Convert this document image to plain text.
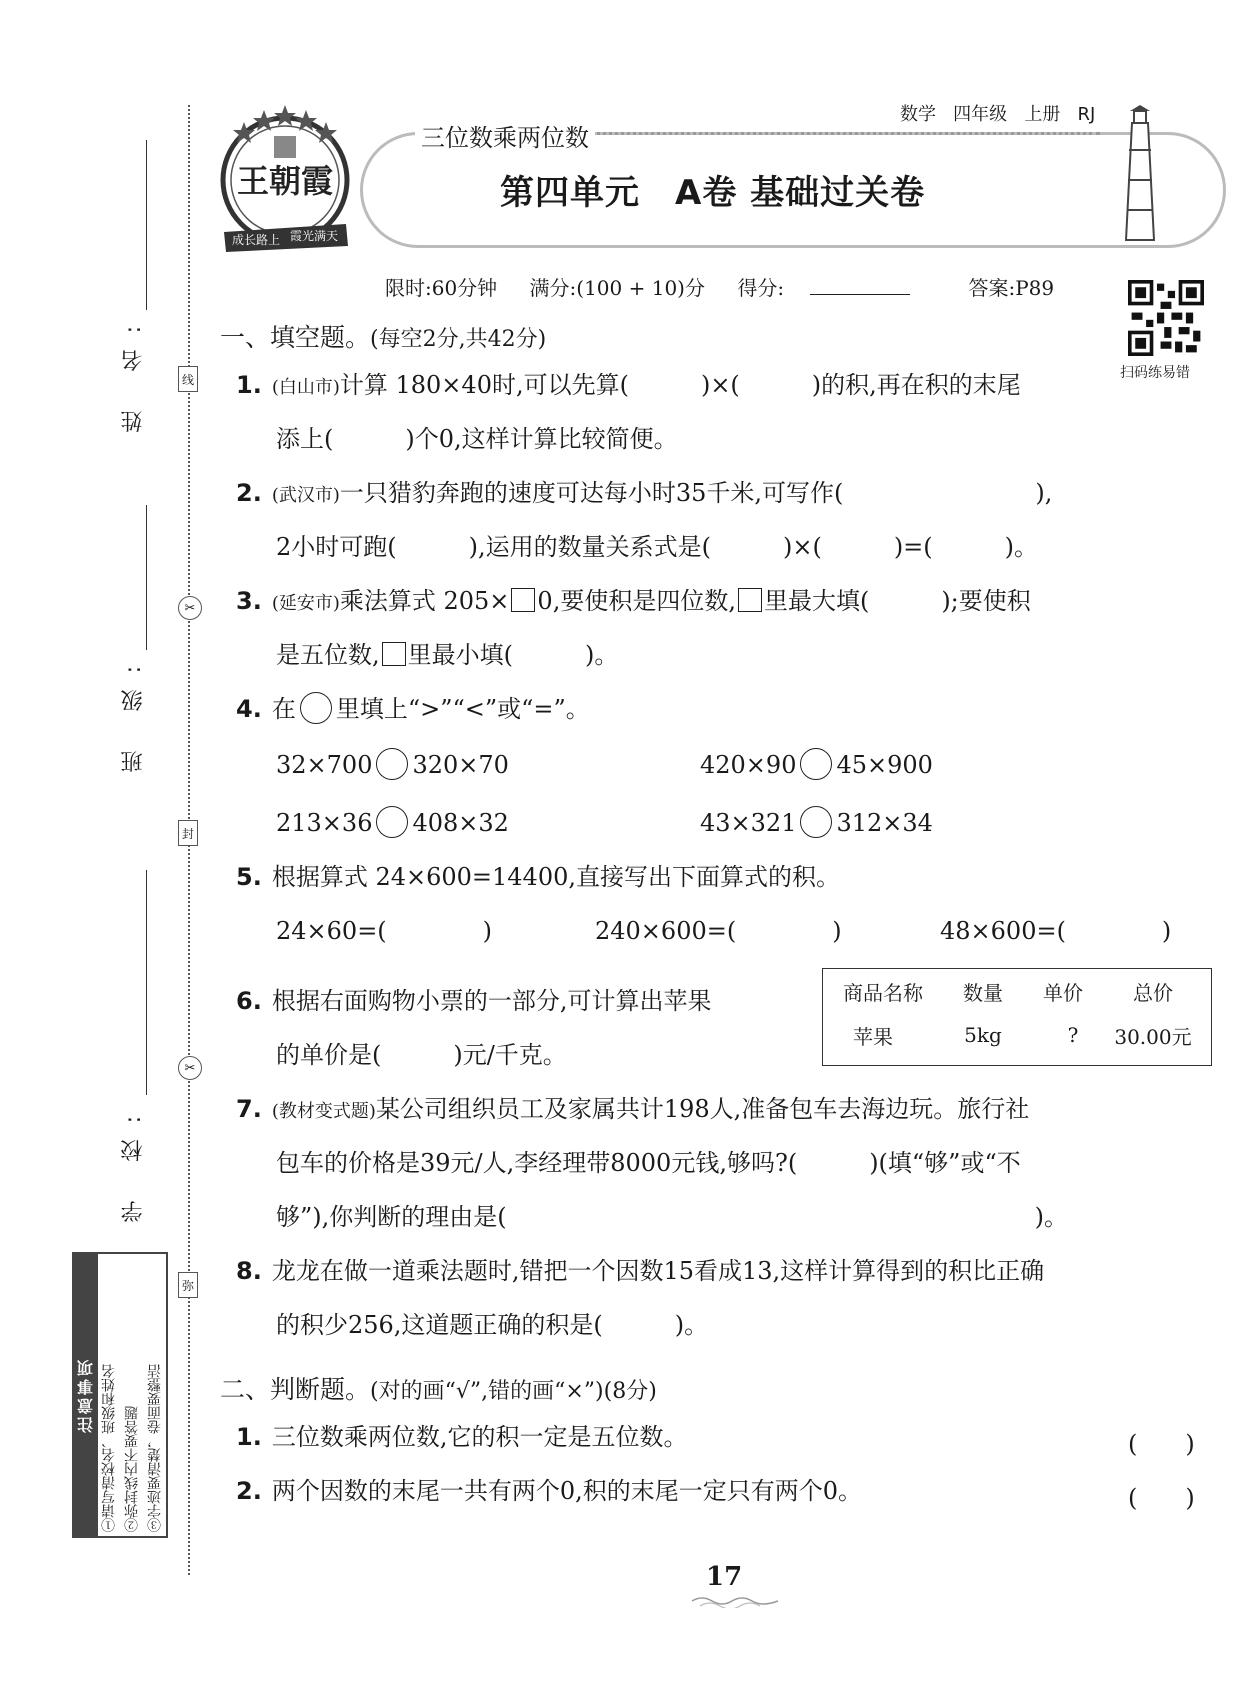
线
封
弥
✂
✂
姓 名:
班 级:
学 校:
注意事项 ①请写清校名、班级和姓名 ②弥封线内不要答题 ③字迹要清楚，卷面要整洁
王朝霞
成长路上 霞光满天
三位数乘两位数
数学 四年级 上册 RJ
第四单元　A卷 基础过关卷
限时:60分钟 满分:(100 + 10)分 得分:	答案:P89
扫码练易错
一、填空题。(每空2分,共42分)
1. (白山市)计算 180×40时,可以先算(　　　)×(　　　)的积,再在积的末尾
添上(　　　)个0,这样计算比较简便。
2. (武汉市)一只猎豹奔跑的速度可达每小时35千米,可写作(　　　　　　　　),
2小时可跑(　　　),运用的数量关系式是(　　　)×(　　　)=(　　　)。
3. (延安市)乘法算式 205× 0,要使积是四位数, 里最大填(　　　);要使积
是五位数, 里最小填(　　　)。
4. 在 里填上“>”“<”或“=”。
32×700 320×70	420×90 45×900
213×36 408×32	43×321 312×34
5. 根据算式 24×600=14400,直接写出下面算式的积。
24×60=(　　　　)	240×600=(　　　　)	48×600=(　　　　)
6. 根据右面购物小票的一部分,可计算出苹果
的单价是(　　　)元/千克。
商品名称	数量	单价	总价
苹果	5kg	?	30.00元
7. (教材变式题)某公司组织员工及家属共计198人,准备包车去海边玩。旅行社
包车的价格是39元/人,李经理带8000元钱,够吗?(　　　)(填“够”或“不
够”),你判断的理由是(　　　　　　　　　　　　　　　　　　　　　　)。
8. 龙龙在做一道乘法题时,错把一个因数15看成13,这样计算得到的积比正确
的积少256,这道题正确的积是(　　　)。
二、判断题。(对的画“√”,错的画“×”)(8分)
1. 三位数乘两位数,它的积一定是五位数。	(　　)
2. 两个因数的末尾一共有两个0,积的末尾一定只有两个0。	(　　)
17
